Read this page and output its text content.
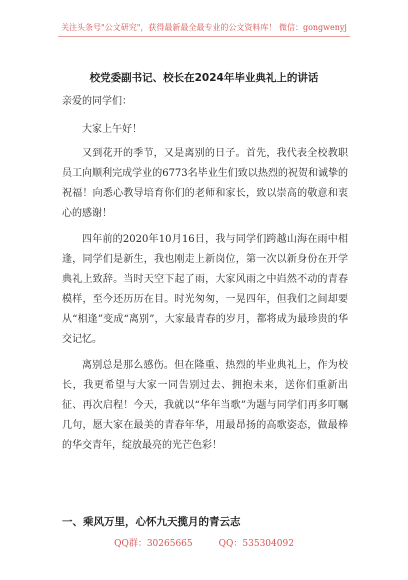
关注头条号"公文研究"，获得最新最全最专业的公文资料库！ 微信：gongwenyj
校党委副书记、校长在2024年毕业典礼上的讲话

亲爱的同学们：

大家上午好！

又到花开的季节，又是离别的日子。首先，我代表全校教职员工向顺利完成学业的6773名毕业生们致以热烈的祝贺和诚挚的祝福！向悉心教导培育你们的老师和家长，致以崇高的敬意和衷心的感谢！

四年前的2020年10月16日，我与同学们跨越山海在雨中相逢，同学们是新生，我也刚走上新岗位，第一次以新身份在开学典礼上致辞。当时天空下起了雨，大家风雨之中岿然不动的青春模样，至今还历历在目。时光匆匆，一晃四年，但我们之间却要从“相逢”变成“离别”，大家最青春的岁月，都将成为最珍贵的华交记忆。

离别总是那么感伤。但在隆重、热烈的毕业典礼上，作为校长，我更希望与大家一同告别过去、拥抱未来，送你们重新出征、再次启程！今天，我就以“华年当歌”为题与同学们再多叮嘱几句，愿大家在最美的青春年华，用最昂扬的高歌姿态，做最棒的华交青年，绽放最亮的光芒色彩！

一、乘风万里，心怀九天揽月的青云志
QQ群：30265665	QQ：535304092
